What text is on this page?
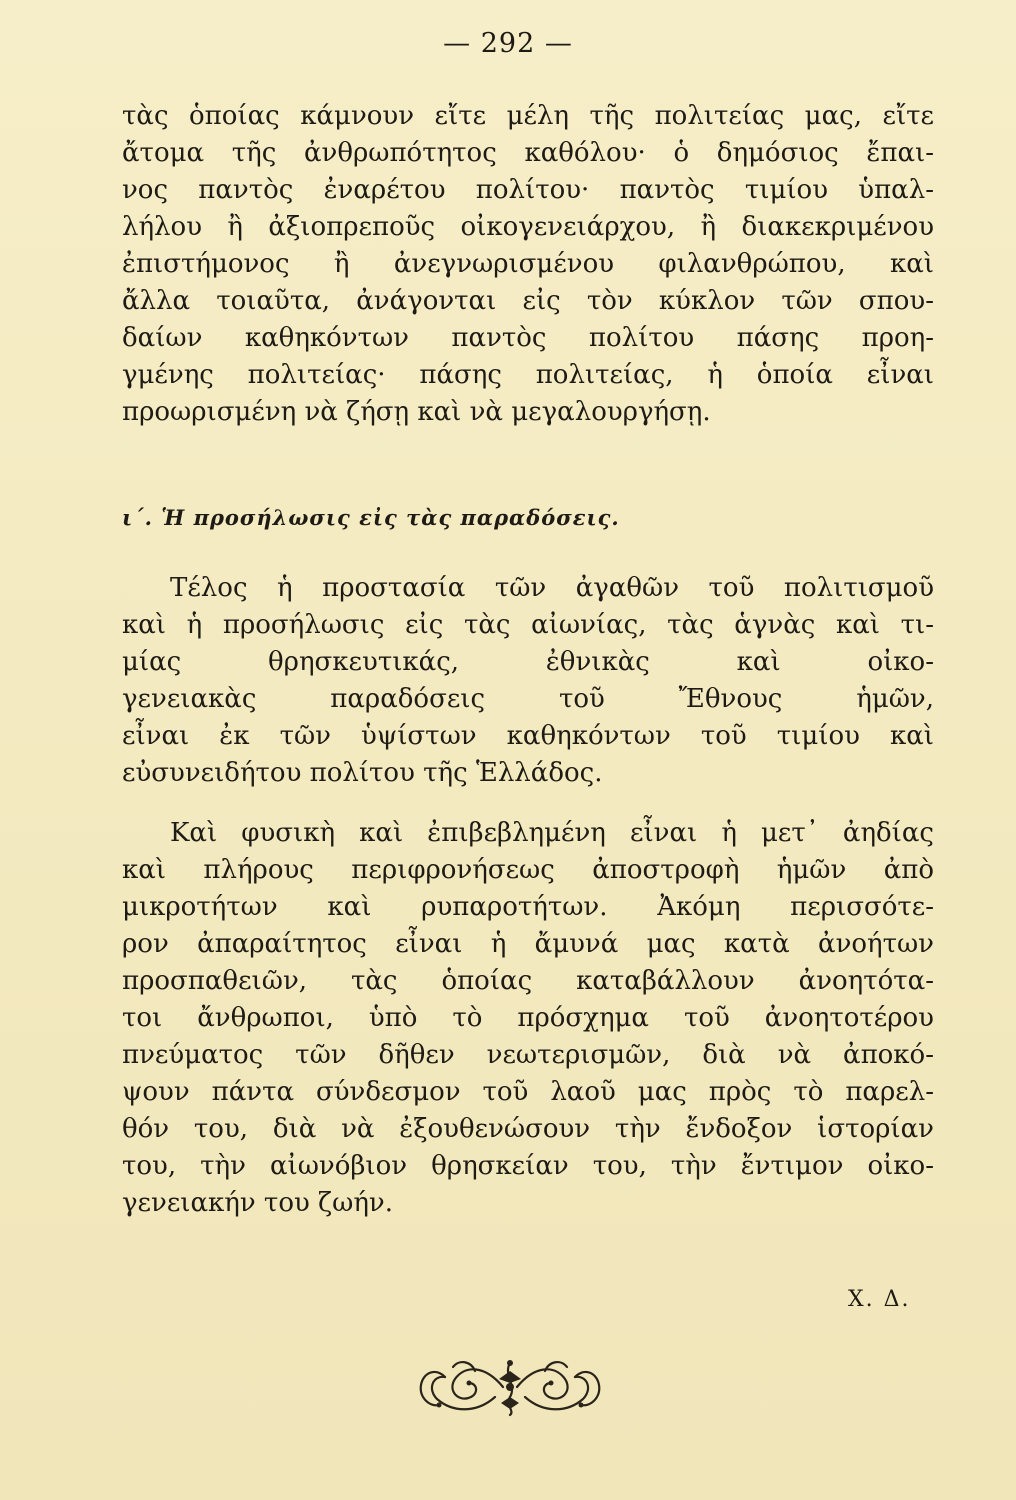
— 292 —
τὰς ὁποίας κάμνουν εἴτε μέλη τῆς πολιτείας μας, εἴτε
ἄτομα τῆς ἀνθρωπότητος καθόλου· ὁ δημόσιος ἔπαι-
νος παντὸς ἐναρέτου πολίτου· παντὸς τιμίου ὑπαλ-
λήλου ἢ ἀξιοπρεποῦς οἰκογενειάρχου, ἢ διακεκριμένου
ἐπιστήμονος ἢ ἀνεγνωρισμένου φιλανθρώπου, καὶ
ἄλλα τοιαῦτα, ἀνάγονται εἰς τὸν κύκλον τῶν σπου-
δαίων καθηκόντων παντὸς πολίτου πάσης προη-
γμένης πολιτείας· πάσης πολιτείας, ἡ ὁποία εἶναι
προωρισμένη νὰ ζήσῃ καὶ νὰ μεγαλουργήσῃ.
ι΄. Ἡ προσήλωσις εἰς τὰς παραδόσεις.
Τέλος ἡ προστασία τῶν ἀγαθῶν τοῦ πολιτισμοῦ
καὶ ἡ προσήλωσις εἰς τὰς αἰωνίας, τὰς ἁγνὰς καὶ τι-
μίας θρησκευτικάς, ἐθνικὰς καὶ οἰκο-
γενειακὰς παραδόσεις τοῦ Ἔθνους ἡμῶν,
εἶναι ἐκ τῶν ὑψίστων καθηκόντων τοῦ τιμίου καὶ
εὐσυνειδήτου πολίτου τῆς Ἑλλάδος.
Καὶ φυσικὴ καὶ ἐπιβεβλημένη εἶναι ἡ μετ᾽ ἀηδίας
καὶ πλήρους περιφρονήσεως ἀποστροφὴ ἡμῶν ἀπὸ
μικροτήτων καὶ ρυπαροτήτων. Ἀκόμη περισσότε-
ρον ἀπαραίτητος εἶναι ἡ ἄμυνά μας κατὰ ἀνοήτων
προσπαθειῶν, τὰς ὁποίας καταβάλλουν ἀνοητότα-
τοι ἄνθρωποι, ὑπὸ τὸ πρόσχημα τοῦ ἀνοητοτέρου
πνεύματος τῶν δῆθεν νεωτερισμῶν, διὰ νὰ ἀποκό-
ψουν πάντα σύνδεσμον τοῦ λαοῦ μας πρὸς τὸ παρελ-
θόν του, διὰ νὰ ἐξουθενώσουν τὴν ἔνδοξον ἱστορίαν
του, τὴν αἰωνόβιον θρησκείαν του, τὴν ἔντιμον οἰκο-
γενειακήν του ζωήν.
Χ. Δ.
